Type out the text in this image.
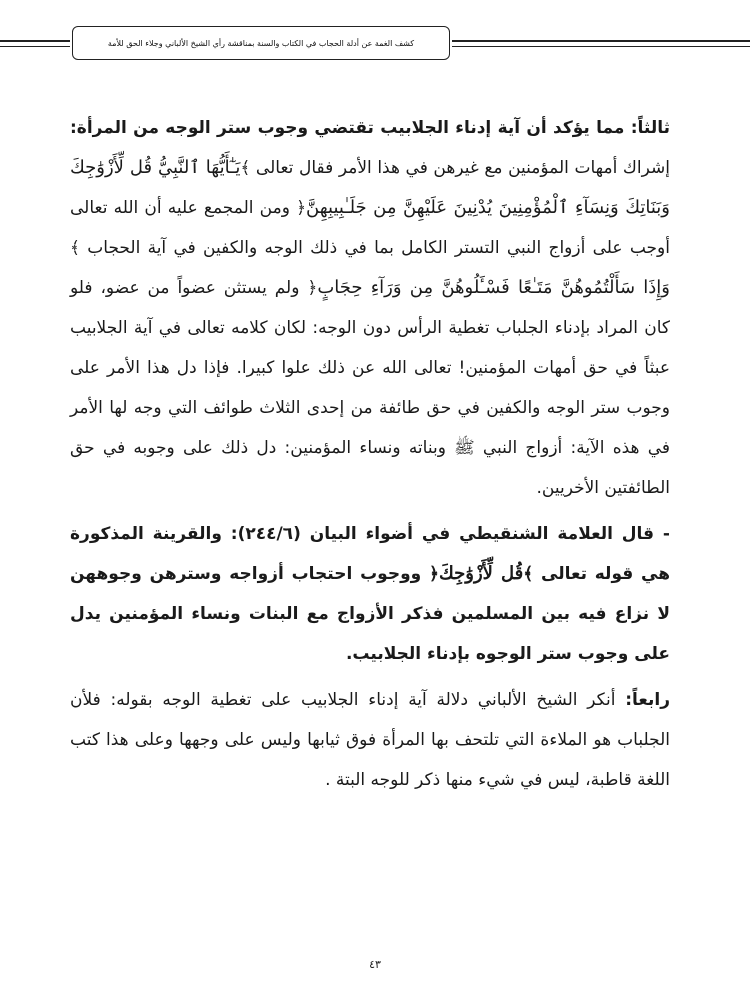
كشف الغمة عن أدلة الحجاب في الكتاب والسنة بمناقشة رأي الشيخ الألباني وجلاء الحق للأمة

ثالثاً: مما يؤكد أن آية إدناء الجلابيب تقتضي وجوب ستر الوجه من المرأة: إشراك أمهات المؤمنين مع غيرهن في هذا الأمر فقال تعالى ﴾يَـٰٓأَيُّهَا ٱلنَّبِيُّ قُل لِّأَزْوَٰجِكَ وَبَنَاتِكَ وَنِسَآءِ ٱلْمُؤْمِنِينَ يُدْنِينَ عَلَيْهِنَّ مِن جَلَـٰبِيبِهِنَّ﴿ ومن المجمع عليه أن الله تعالى أوجب على أزواج النبي التستر الكامل بما في ذلك الوجه والكفين في آية الحجاب ﴾وَإِذَا سَأَلْتُمُوهُنَّ مَتَـٰعًا فَسْـَٔلُوهُنَّ مِن وَرَآءِ حِجَابٍ﴿ ولم يستثن عضواً من عضو، فلو كان المراد بإدناء الجلباب تغطية الرأس دون الوجه: لكان كلامه تعالى في آية الجلابيب عبثاً في حق أمهات المؤمنين! تعالى الله عن ذلك علوا كبيرا. فإذا دل هذا الأمر على وجوب ستر الوجه والكفين في حق طائفة من إحدى الثلاث طوائف التي وجه لها الأمر في هذه الآية: أزواج النبي ﷺ وبناته ونساء المؤمنين: دل ذلك على وجوبه في حق الطائفتين الأخريين.

- قال العلامة الشنقيطي في أضواء البيان (٢٤٤/٦): والقرينة المذكورة هي قوله تعالى ﴾قُل لِّأَزْوَٰجِكَ﴿ ووجوب احتجاب أزواجه وسترهن وجوههن لا نزاع فيه بين المسلمين فذكر الأزواج مع البنات ونساء المؤمنين يدل على وجوب ستر الوجوه بإدناء الجلابيب.

رابعاً: أنكر الشيخ الألباني دلالة آية إدناء الجلابيب على تغطية الوجه بقوله: فلأن الجلباب هو الملاءة التي تلتحف بها المرأة فوق ثيابها وليس على وجهها وعلى هذا كتب اللغة قاطبة، ليس في شيء منها ذكر للوجه البتة .

٤٣
